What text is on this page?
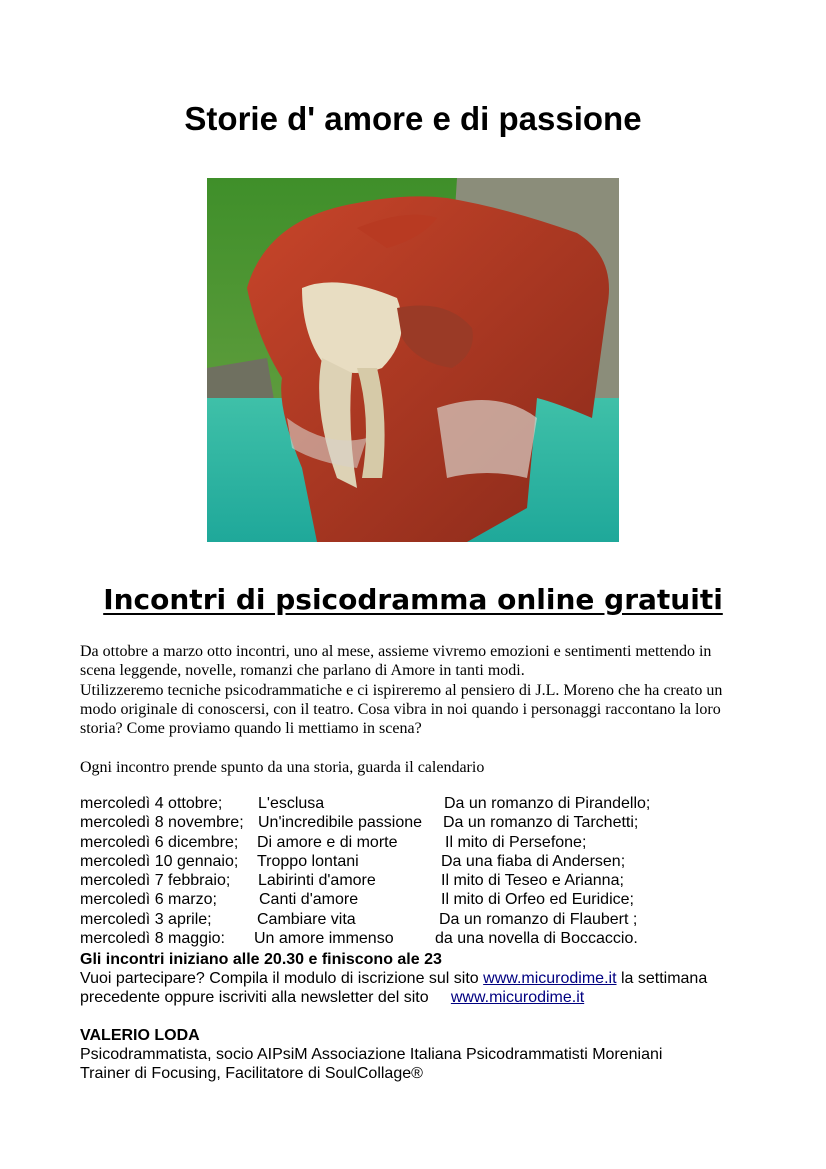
Storie d' amore e di passione
Incontri di psicodramma online gratuiti
Da ottobre a marzo otto incontri, uno al mese, assieme vivremo emozioni e sentimenti mettendo in
scena leggende, novelle, romanzi che parlano di Amore in tanti modi.
Utilizzeremo tecniche psicodrammatiche e ci ispireremo al pensiero di J.L. Moreno che ha creato un
modo originale di conoscersi, con il teatro. Cosa vibra in noi quando i personaggi raccontano la loro
storia? Come proviamo quando li mettiamo in scena?

Ogni incontro prende spunto da una storia, guarda il calendario

mercoledì 4 ottobre; L'esclusa	Da un romanzo di Pirandello;
mercoledì 8 novembre; Un'incredibile passione Da un romanzo di Tarchetti;
mercoledì 6 dicembre; Di amore e di morte	Il mito di Persefone;
mercoledì 10 gennaio; Troppo lontani	Da una fiaba di Andersen;
mercoledì 7 febbraio; Labirinti d'amore	Il mito di Teseo e Arianna;
mercoledì 6 marzo;	Canti d'amore	Il mito di Orfeo ed Euridice;
mercoledì 3 aprile;	Cambiare vita	Da un romanzo di Flaubert ;
mercoledì 8 maggio: Un amore immenso	da una novella di Boccaccio.
Gli incontri iniziano alle 20.30 e finiscono ale 23
Vuoi partecipare? Compila il modulo di iscrizione sul sito www.micurodime.it la settimana
precedente oppure iscriviti alla newsletter del sito     www.micurodime.it
VALERIO LODA
Psicodrammatista, socio AIPsiM Associazione Italiana Psicodrammatisti Moreniani
Trainer di Focusing, Facilitatore di SoulCollage®
